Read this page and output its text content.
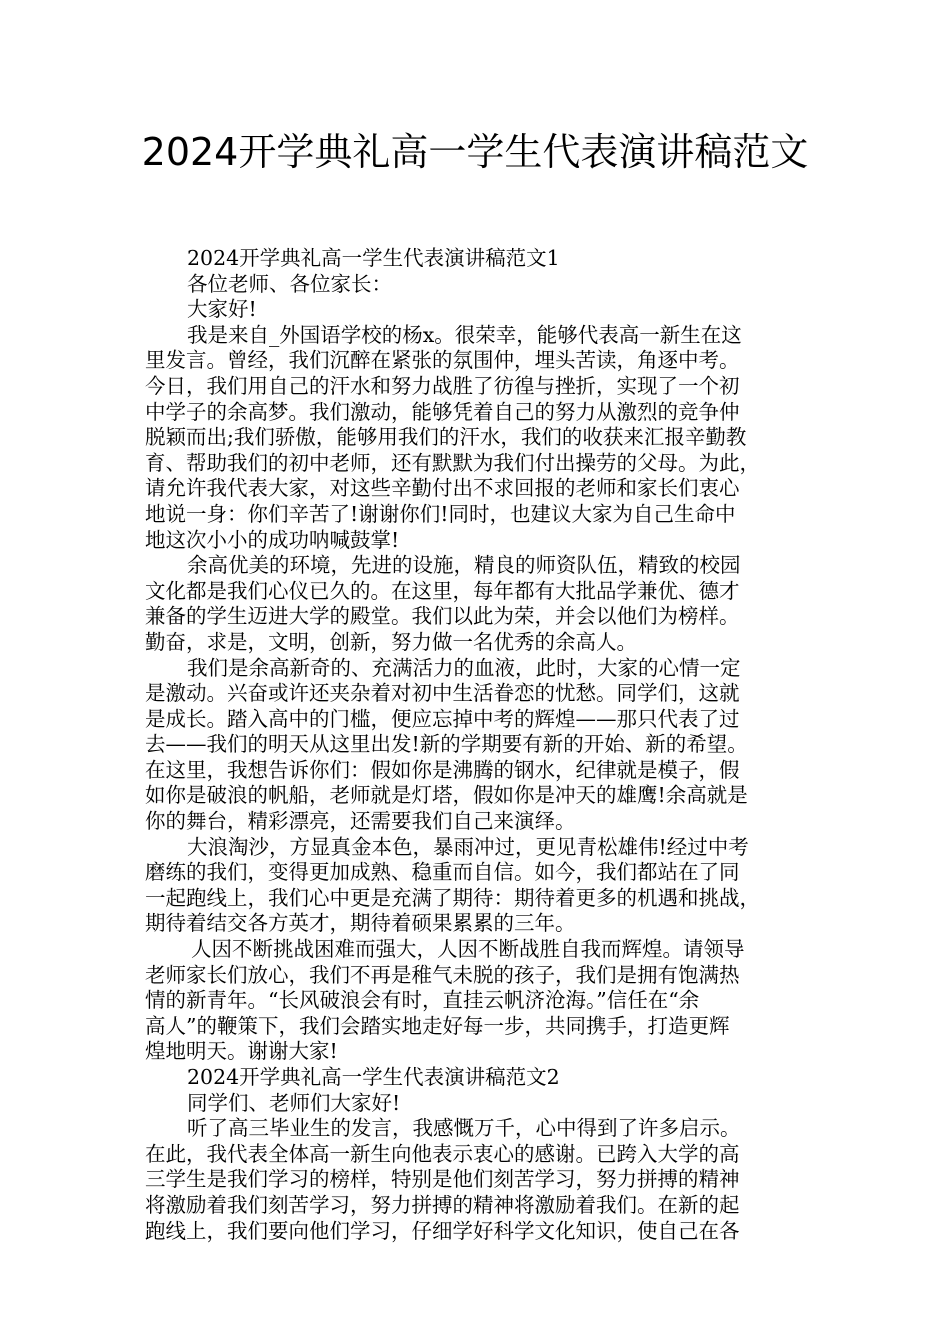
2024开学典礼高一学生代表演讲稿范文
2024开学典礼高一学生代表演讲稿范文1
各位老师、各位家长：
大家好!
我是来自_外国语学校的杨x。很荣幸，能够代表高一新生在这
里发言。曾经，我们沉醉在紧张的氛围仲，埋头苦读，角逐中考。
今日，我们用自己的汗水和努力战胜了彷徨与挫折，实现了一个初
中学子的余高梦。我们激动，能够凭着自己的努力从激烈的竞争仲
脱颖而出;我们骄傲，能够用我们的汗水，我们的收获来汇报辛勤教
育、帮助我们的初中老师，还有默默为我们付出操劳的父母。为此，
请允许我代表大家，对这些辛勤付出不求回报的老师和家长们衷心
地说一身：你们辛苦了!谢谢你们!同时，也建议大家为自己生命中
地这次小小的成功呐喊鼓掌!
余高优美的环境，先进的设施，精良的师资队伍，精致的校园
文化都是我们心仪已久的。在这里，每年都有大批品学兼优、德才
兼备的学生迈进大学的殿堂。我们以此为荣，并会以他们为榜样。
勤奋，求是，文明，创新，努力做一名优秀的余高人。
我们是余高新奇的、充满活力的血液，此时，大家的心情一定
是激动。兴奋或许还夹杂着对初中生活眷恋的忧愁。同学们，这就
是成长。踏入高中的门槛，便应忘掉中考的辉煌——那只代表了过
去——我们的明天从这里出发!新的学期要有新的开始、新的希望。
在这里，我想告诉你们：假如你是沸腾的钢水，纪律就是模子，假
如你是破浪的帆船，老师就是灯塔，假如你是冲天的雄鹰!余高就是
你的舞台，精彩漂亮，还需要我们自己来演绎。
大浪淘沙，方显真金本色，暴雨冲过，更见青松雄伟!经过中考
磨练的我们，变得更加成熟、稳重而自信。如今，我们都站在了同
一起跑线上，我们心中更是充满了期待：期待着更多的机遇和挑战，
期待着结交各方英才，期待着硕果累累的三年。
人因不断挑战困难而强大，人因不断战胜自我而辉煌。请领导
老师家长们放心，我们不再是稚气未脱的孩子，我们是拥有饱满热
情的新青年。“长风破浪会有时，直挂云帆济沧海。”信任在“余
高人”的鞭策下，我们会踏实地走好每一步，共同携手，打造更辉
煌地明天。谢谢大家!
2024开学典礼高一学生代表演讲稿范文2
同学们、老师们大家好!
听了高三毕业生的发言，我感慨万千，心中得到了许多启示。
在此，我代表全体高一新生向他表示衷心的感谢。已跨入大学的高
三学生是我们学习的榜样，特别是他们刻苦学习，努力拼搏的精神
将激励着我们刻苦学习，努力拼搏的精神将激励着我们。在新的起
跑线上，我们要向他们学习，仔细学好科学文化知识，使自己在各
